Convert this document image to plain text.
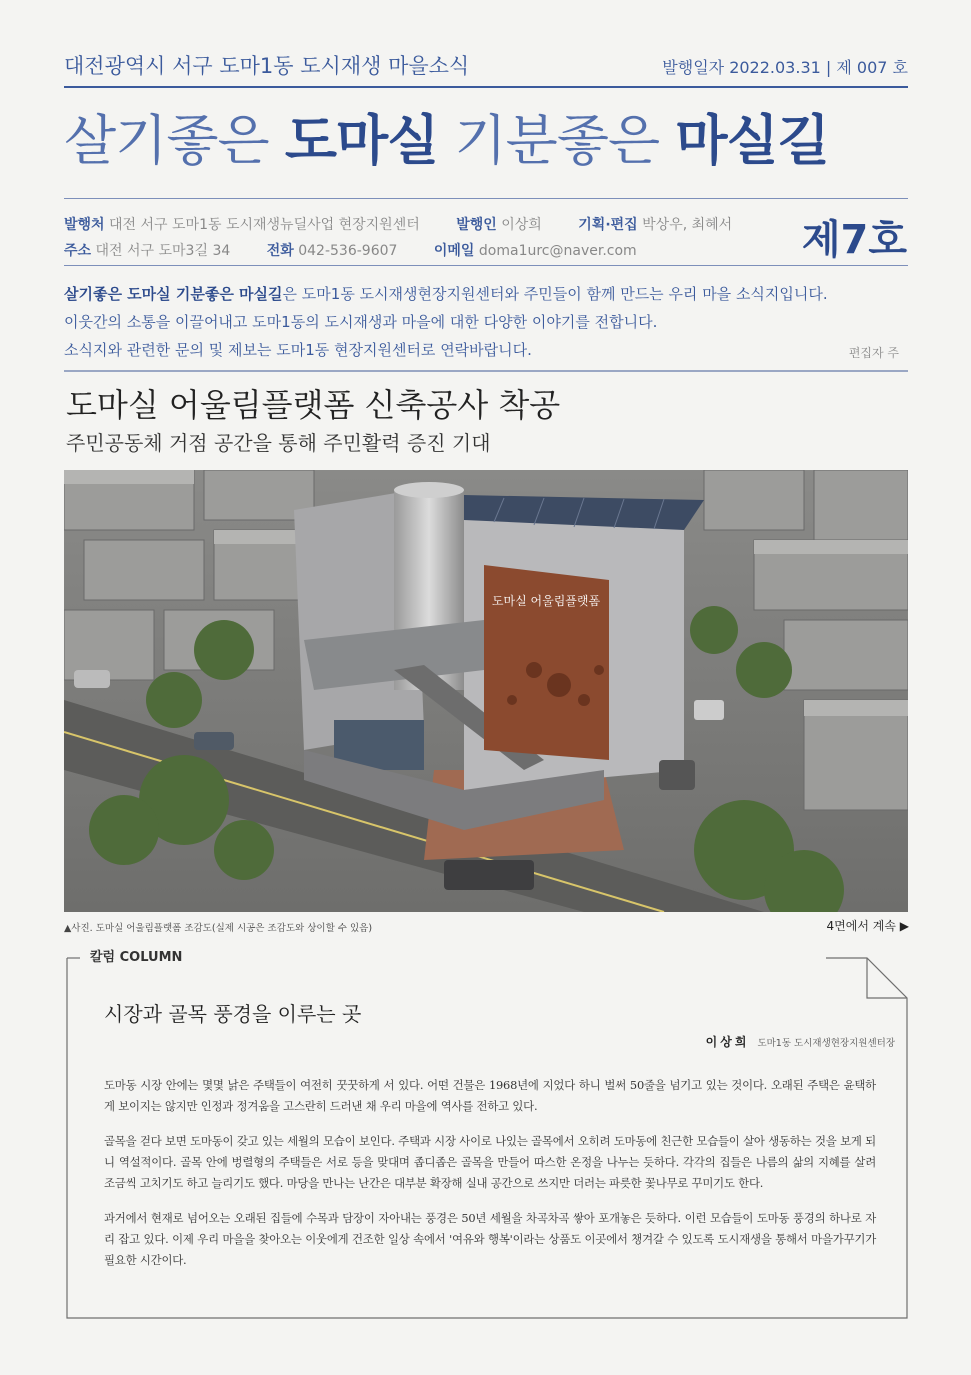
대전광역시 서구 도마1동 도시재생 마을소식	발행일자 2022.03.31 | 제 007 호
살기좋은 도마실 기분좋은 마실길
발행처 대전 서구 도마1동 도시재생뉴딜사업 현장지원센터	발행인 이상희	기획·편집 박상우, 최혜서
주소 대전 서구 도마3길 34	전화 042-536-9607	이메일 doma1urc@naver.com	제7호
살기좋은 도마실 기분좋은 마실길은 도마1동 도시재생현장지원센터와 주민들이 함께 만드는 우리 마을 소식지입니다.
이웃간의 소통을 이끌어내고 도마1동의 도시재생과 마을에 대한 다양한 이야기를 전합니다.
소식지와 관련한 문의 및 제보는 도마1동 현장지원센터로 연락바랍니다.	편집자 주
도마실 어울림플랫폼 신축공사 착공
주민공동체 거점 공간을 통해 주민활력 증진 기대
도마실 어울림플랫폼
▲사진. 도마실 어울림플랫폼 조감도(실제 시공은 조감도와 상이할 수 있음)	4면에서 계속 ▶
칼럼 COLUMN
시장과 골목 풍경을 이루는 곳
이상희 도마1동 도시재생현장지원센터장

도마동 시장 안에는 몇몇 낡은 주택들이 여전히 꿋꿋하게 서 있다. 어떤 건물은 1968년에 지었다 하니 벌써 50줄을 넘기고 있는 것이다. 오래된 주택은 윤택하게 보이지는 않지만 인정과 정겨움을 고스란히 드러낸 채 우리 마을에 역사를 전하고 있다.

골목을 걷다 보면 도마동이 갖고 있는 세월의 모습이 보인다. 주택과 시장 사이로 나있는 골목에서 오히려 도마동에 친근한 모습들이 살아 생동하는 것을 보게 되니 역설적이다. 골목 안에 벙렬형의 주택들은 서로 등을 맞대며 좁디좁은 골목을 만들어 따스한 온정을 나누는 듯하다. 각각의 집들은 나름의 삶의 지혜를 살려 조금씩 고치기도 하고 늘리기도 했다. 마당을 만나는 난간은 대부분 확장해 실내 공간으로 쓰지만 더러는 파릇한 꽃나무로 꾸미기도 한다.

과거에서 현재로 넘어오는 오래된 집들에 수목과 담장이 자아내는 풍경은 50년 세월을 차곡차곡 쌓아 포개놓은 듯하다. 이런 모습들이 도마동 풍경의 하나로 자리 잡고 있다. 이제 우리 마을을 찾아오는 이웃에게 건조한 일상 속에서 '여유와 행복'이라는 상품도 이곳에서 챙겨갈 수 있도록 도시재생을 통해서 마을가꾸기가 필요한 시간이다.
